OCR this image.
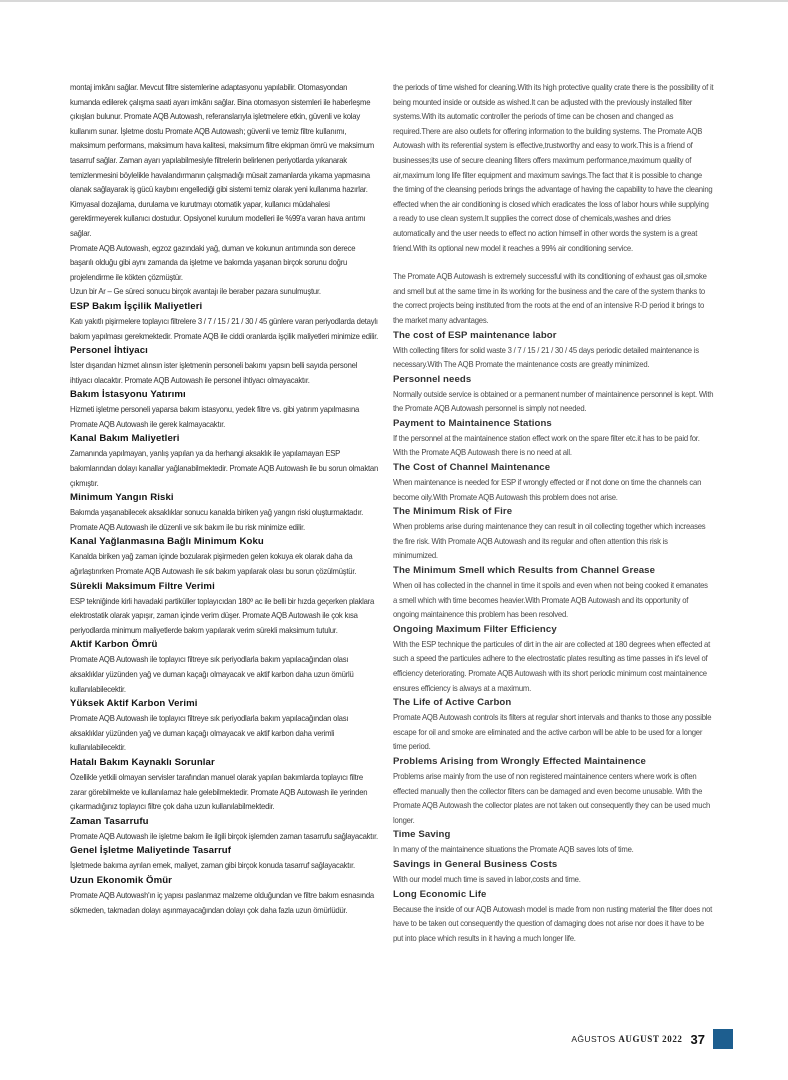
montaj imkânı sağlar. Mevcut filtre sistemlerine adaptasyonu yapılabilir. Otomasyondan kumanda edilerek çalışma saati ayarı imkânı sağlar. Bina otomasyon sistemleri ile haberleşme çıkışları bulunur. Promate AQB Autowash, referanslarıyla işletmelere etkin, güvenli ve kolay kullanım sunar. İşletme dostu Promate AQB Autowash; güvenli ve temiz filtre kullanımı, maksimum performans, maksimum hava kalitesi, maksimum filtre ekipman ömrü ve maksimum tasarruf sağlar. Zaman ayarı yapılabilmesiyle filtrelerin belirlenen periyotlarda yıkanarak temizlenmesini böylelikle havalandırmanın çalışmadığı müsait zamanlarda yıkama yapmasına olanak sağlayarak iş gücü kaybını engellediği gibi sistemi temiz olarak yeni kullanıma hazırlar. Kimyasal dozajlama, durulama ve kurutmayı otomatik yapar, kullanıcı müdahalesi gerektirmeyerek kullanıcı dostudur. Opsiyonel kurulum modelleri ile %99'a varan hava arıtımı sağlar.

Promate AQB Autowash, egzoz gazındaki yağ, duman ve kokunun arıtımında son derece başarılı olduğu gibi aynı zamanda da işletme ve bakımda yaşanan birçok sorunu doğru projelendirme ile kökten çözmüştür.

Uzun bir Ar – Ge süreci sonucu birçok avantajı ile beraber pazara sunulmuştur.

ESP Bakım İşçilik Maliyetleri

Katı yakıtlı pişirmelere toplayıcı filtrelere 3 / 7 / 15 / 21 / 30 / 45 günlere varan periyodlarda detaylı bakım yapılması gerekmektedir. Promate AQB ile ciddi oranlarda işçilik maliyetleri minimize edilir.

Personel İhtiyacı

İster dışarıdan hizmet alınsın ister işletmenin personeli bakımı yapsın belli sayıda personel ihtiyacı olacaktır. Promate AQB Autowash ile personel ihtiyacı olmayacaktır.

Bakım İstasyonu Yatırımı

Hizmeti işletme personeli yaparsa bakım istasyonu, yedek filtre vs. gibi yatırım yapılmasına Promate AQB Autowash ile gerek kalmayacaktır.

Kanal Bakım Maliyetleri

Zamanında yapılmayan, yanlış yapılan ya da herhangi aksaklık ile yapılamayan ESP bakımlarından dolayı kanallar yağlanabilmektedir. Promate AQB Autowash ile bu sorun olmaktan çıkmıştır.

Minimum Yangın Riski

Bakımda yaşanabilecek aksaklıklar sonucu kanalda biriken yağ yangın riski oluşturmaktadır. Promate AQB Autowash ile düzenli ve sık bakım ile bu risk minimize edilir.

Kanal Yağlanmasına Bağlı Minimum Koku

Kanalda biriken yağ zaman içinde bozularak pişirmeden gelen kokuya ek olarak daha da ağırlaştırırken Promate AQB Autowash ile sık bakım yapılarak olası bu sorun çözülmüştür.

Sürekli Maksimum Filtre Verimi

ESP tekniğinde kirli havadaki partiküller toplayıcıdan 180º ac ile belli bir hızda geçerken plaklara elektrostatik olarak yapışır, zaman içinde verim düşer. Promate AQB Autowash ile çok kısa periyodlarda minimum maliyetlerde bakım yapılarak verim sürekli maksimum tutulur.

Aktif Karbon Ömrü

Promate AQB Autowash ile toplayıcı filtreye sık periyodlarla bakım yapılacağından olası aksaklıklar yüzünden yağ ve duman kaçağı olmayacak ve aktif karbon daha uzun ömürlü kullanılabilecektir.

Yüksek Aktif Karbon Verimi

Promate AQB Autowash ile toplayıcı filtreye sık periyodlarla bakım yapılacağından olası aksaklıklar yüzünden yağ ve duman kaçağı olmayacak ve aktif karbon daha verimli kullanılabilecektir.

Hatalı Bakım Kaynaklı Sorunlar

Özellikle yetkili olmayan servisler tarafından manuel olarak yapılan bakımlarda toplayıcı filtre zarar görebilmekte ve kullanılamaz hale gelebilmektedir. Promate AQB Autowash ile yerinden çıkarmadığınız toplayıcı filtre çok daha uzun kullanılabilmektedir.

Zaman Tasarrufu

Promate AQB Autowash ile işletme bakım ile ilgili birçok işlemden zaman tasarrufu sağlayacaktır.

Genel İşletme Maliyetinde Tasarruf

İşletmede bakıma ayrılan emek, maliyet, zaman gibi birçok konuda tasarruf sağlayacaktır.

Uzun Ekonomik Ömür

Promate AQB Autowash'ın iç yapısı paslanmaz malzeme olduğundan ve filtre bakım esnasında sökmeden, takmadan dolayı aşınmayacağından dolayı çok daha fazla uzun ömürlüdür.

the periods of time wished for cleaning.With its high protective quality crate there is the possibility of it being mounted inside or outside as wished.It can be adjusted with the previously installed filter systems.With its automatic controller the periods of time can be chosen and changed as required.There are also outlets for offering information to the building systems. The Promate AQB Autowash with its referential system is effective,trustworthy and easy to work.This is a friend of businesses;its use of secure cleaning filters offers maximum performance,maximum quality of air,maximum long life filter equipment and maximum savings.The fact that it is possible to change the timing of the cleansing periods brings the advantage of having the capability to have the cleaning effected when the air conditioning is closed which eradicates the loss of labor hours while supplying a ready to use clean system.It supplies the correct dose of chemicals,washes and dries automatically and the user needs to effect no action himself in other words the system is a great friend.With its optional new model it reaches a 99% air conditioning service.

The Promate AQB Autowash is extremely successful with its conditioning of exhaust gas oil,smoke and smell but at the same time in its working for the business and the care of the system thanks to the correct projects being instituted from the roots at the end of an intensive R-D period it brings to the market many advantages.

The cost of ESP maintenance labor

With collecting filters for solid waste 3 / 7 / 15 / 21 / 30 / 45 days periodic detailed maintenance is necessary.With The AQB Promate the maintenance costs are greatly minimized.

Personnel needs

Normally outside service is obtained or a permanent number of maintainence personnel is kept. With the Promate AQB Autowash personnel is simply not needed.

Payment to Maintainence Stations

If the personnel at the maintainence station effect work on the spare filter etc.it has to be paid for. With the Promate AQB Autowash there is no need at all.

The Cost of Channel Maintenance

When maintenance is needed for ESP if wrongly effected or if not done on time the channels can become oily.With Promate AQB Autowash this problem does not arise.

The Minimum Risk of Fire

When problems arise during maintenance they can result in oil collecting together which increases the fire risk. With Promate AQB Autowash and its regular and often attention this risk is minimumized.

The Minimum Smell which Results from Channel Grease

When oil has collected in the channel in time it spoils and even when not being cooked it emanates a smell which with time becomes heavier.With Promate AQB Autowash and its opportunity of ongoing maintainence this problem has been resolved.

Ongoing Maximum Filter Efficiency

With the ESP technique the particules of dirt in the air are collected at 180 degrees when effected at such a speed the particules adhere to the electrostatic plates resulting as time passes in it's level of efficiency deteriorating. Promate AQB Autowash with its short periodic minimum cost maintainence ensures efficiency is always at a maximum.

The Life of Active Carbon

Promate AQB Autowash controls its filters at regular short intervals and thanks to those any possible escape for oil and smoke are eliminated and the active carbon will be able to be used for a longer time period.

Problems Arising from Wrongly Effected Maintainence

Problems arise mainly from the use of non registered maintainence centers where work is often effected manually then the collector filters can be damaged and even become unusable. With the Promate AQB Autowash the collector plates are not taken out consequently they can be used much longer.

Time Saving

In many of the maintainence situations the Promate AQB saves lots of time.

Savings in General Business Costs

With our model much time is saved in labor,costs and time.

Long Economic Life

Because the inside of our AQB Autowash model is made from non rusting material the filter does not have to be taken out consequently the question of damaging does not arise nor does it have to be put into place which results in it having a much longer life.

AĞUSTOS AUGUST 2022 37
